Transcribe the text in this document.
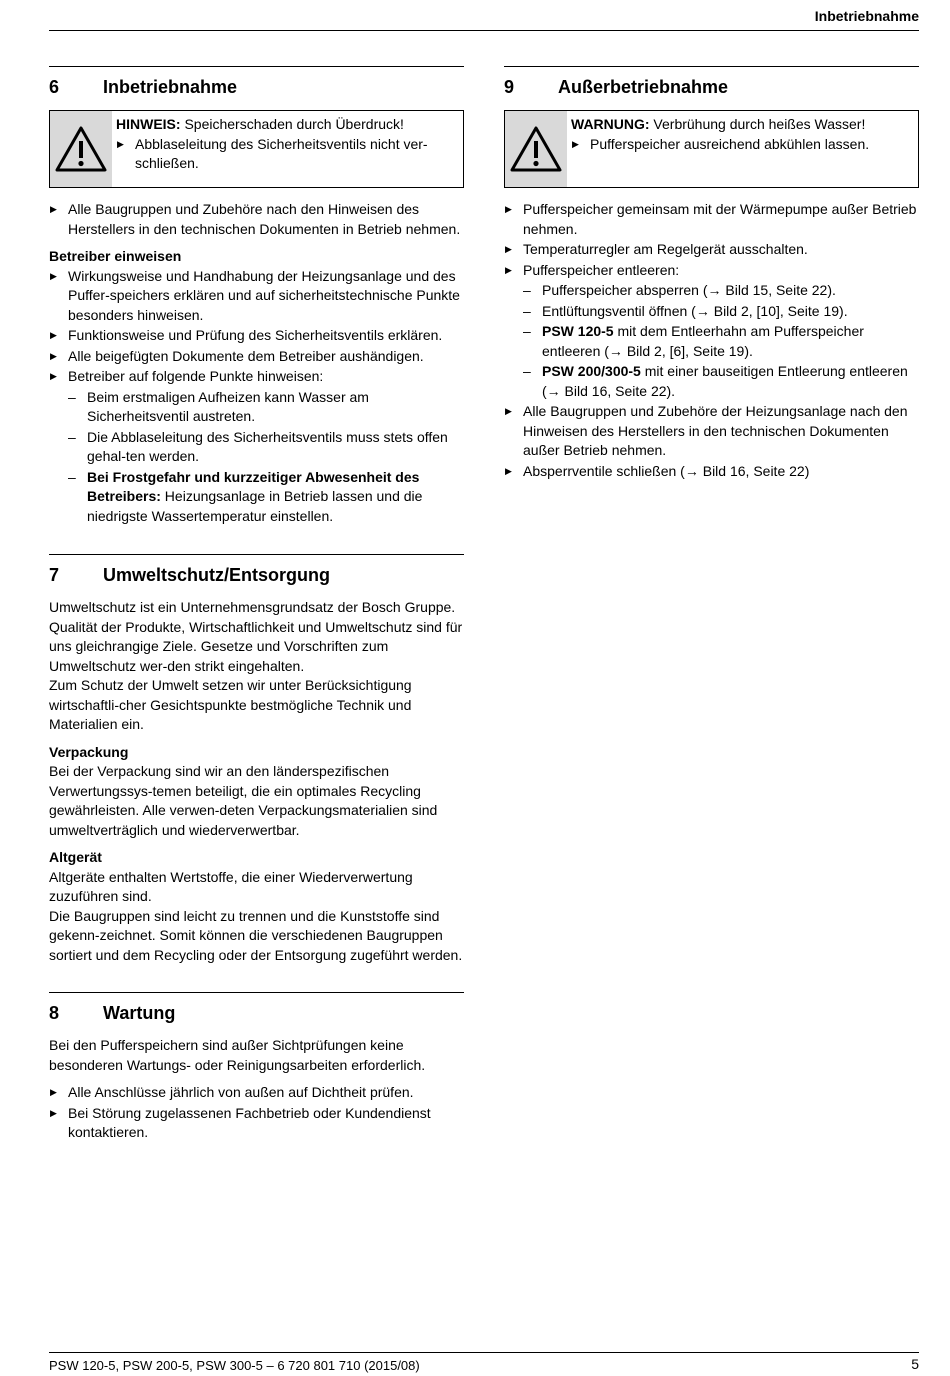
Inbetriebnahme
6	Inbetriebnahme

HINWEIS: Speicherschaden durch Überdruck!

▶ Abblaseleitung des Sicherheitsventils nicht ver-schließen.

▶ Alle Baugruppen und Zubehöre nach den Hinweisen des Herstellers in den technischen Dokumenten in Betrieb nehmen.

Betreiber einweisen

▶ Wirkungsweise und Handhabung der Heizungsanlage und des Puffer-speichers erklären und auf sicherheitstechnische Punkte besonders hinweisen.

▶ Funktionsweise und Prüfung des Sicherheitsventils erklären.

▶ Alle beigefügten Dokumente dem Betreiber aushändigen.

▶ Betreiber auf folgende Punkte hinweisen:

– Beim erstmaligen Aufheizen kann Wasser am Sicherheitsventil austreten.

– Die Abblaseleitung des Sicherheitsventils muss stets offen gehal-ten werden.

– Bei Frostgefahr und kurzzeitiger Abwesenheit des Betreibers: Heizungsanlage in Betrieb lassen und die niedrigste Wassertemperatur einstellen.

7	Umweltschutz/Entsorgung

Umweltschutz ist ein Unternehmensgrundsatz der Bosch Gruppe. Qualität der Produkte, Wirtschaftlichkeit und Umweltschutz sind für uns gleichrangige Ziele. Gesetze und Vorschriften zum Umweltschutz wer-den strikt eingehalten.

Zum Schutz der Umwelt setzen wir unter Berücksichtigung wirtschaftli-cher Gesichtspunkte bestmögliche Technik und Materialien ein.

Verpackung

Bei der Verpackung sind wir an den länderspezifischen Verwertungssys-temen beteiligt, die ein optimales Recycling gewährleisten. Alle verwen-deten Verpackungsmaterialien sind umweltverträglich und wiederverwertbar.

Altgerät

Altgeräte enthalten Wertstoffe, die einer Wiederverwertung zuzuführen sind.

Die Baugruppen sind leicht zu trennen und die Kunststoffe sind gekenn-zeichnet. Somit können die verschiedenen Baugruppen sortiert und dem Recycling oder der Entsorgung zugeführt werden.

8	Wartung

Bei den Pufferspeichern sind außer Sichtprüfungen keine besonderen Wartungs- oder Reinigungsarbeiten erforderlich.

▶ Alle Anschlüsse jährlich von außen auf Dichtheit prüfen.

▶ Bei Störung zugelassenen Fachbetrieb oder Kundendienst kontaktieren.

9	Außerbetriebnahme

WARNUNG: Verbrühung durch heißes Wasser!

▶ Pufferspeicher ausreichend abkühlen lassen.

▶ Pufferspeicher gemeinsam mit der Wärmepumpe außer Betrieb nehmen.

▶ Temperaturregler am Regelgerät ausschalten.

▶ Pufferspeicher entleeren:

– Pufferspeicher absperren (→ Bild 15, Seite 22).

– Entlüftungsventil öffnen (→ Bild 2, [10], Seite 19).

– PSW 120-5 mit dem Entleerhahn am Pufferspeicher entleeren (→ Bild 2, [6], Seite 19).

– PSW 200/300-5 mit einer bauseitigen Entleerung entleeren (→ Bild 16, Seite 22).

▶ Alle Baugruppen und Zubehöre der Heizungsanlage nach den Hinweisen des Herstellers in den technischen Dokumenten außer Betrieb nehmen.

▶ Absperrventile schließen (→ Bild 16, Seite 22)

PSW 120-5, PSW 200-5, PSW 300-5 – 6 720 801 710 (2015/08)	5
